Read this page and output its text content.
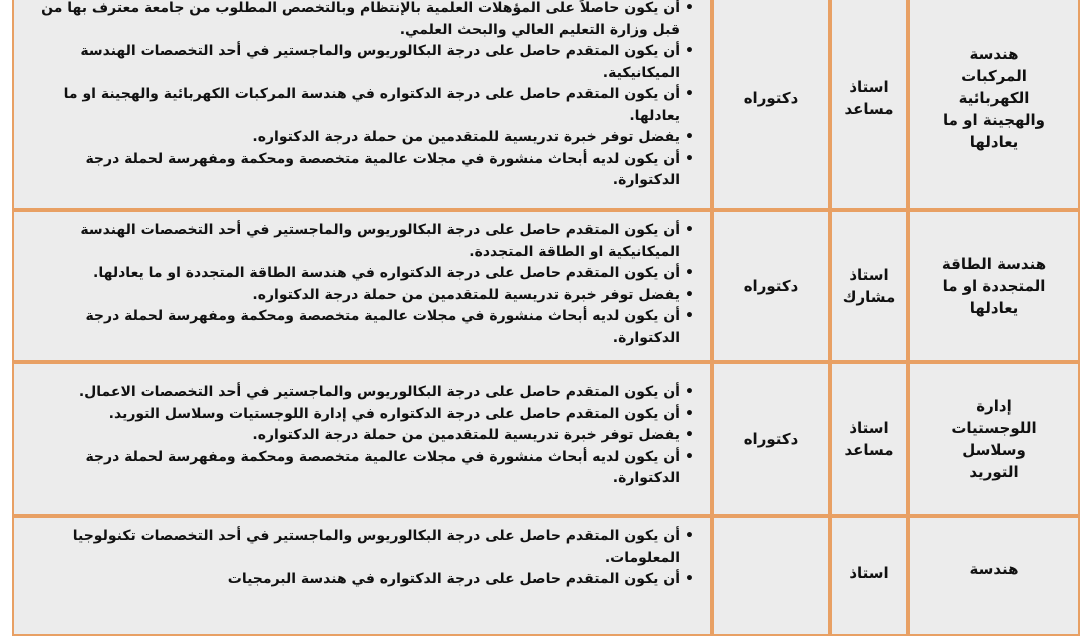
هندسة
المركبات
الكهربائية
والهجينة او ما
يعادلها
استاذ
مساعد
دكتوراه
• أن يكون حاصلاً على المؤهلات العلمية بالإنتظام وبالتخصص المطلوب من جامعة معترف بها من قبل وزارة التعليم العالي والبحث العلمي.
• أن يكون المتقدم حاصل على درجة البكالوريوس والماجستير في أحد التخصصات الهندسة الميكانيكية.
• أن يكون المتقدم حاصل على درجة الدكتواره في هندسة المركبات الكهربائية والهجينة او ما يعادلها.
• يفضل توفر خبرة تدريسية للمتقدمين من حملة درجة الدكتواره.
• أن يكون لديه أبحاث منشورة في مجلات عالمية متخصصة ومحكمة ومفهرسة لحملة درجة الدكتوارة.
هندسة الطاقة
المتجددة او ما
يعادلها
استاذ
مشارك
دكتوراه
• أن يكون المتقدم حاصل على درجة البكالوريوس والماجستير في أحد التخصصات الهندسة الميكانيكية او الطاقة المتجددة.
• أن يكون المتقدم حاصل على درجة الدكتواره في هندسة الطاقة المتجددة او ما يعادلها.
• يفضل توفر خبرة تدريسية للمتقدمين من حملة درجة الدكتواره.
• أن يكون لديه أبحاث منشورة في مجلات عالمية متخصصة ومحكمة ومفهرسة لحملة درجة الدكتوارة.
إدارة
اللوجستيات
وسلاسل
التوريد
استاذ
مساعد
دكتوراه
• أن يكون المتقدم حاصل على درجة البكالوريوس والماجستير في أحد التخصصات الاعمال.
• أن يكون المتقدم حاصل على درجة الدكتواره في إدارة اللوجستيات وسلاسل التوريد.
• يفضل توفر خبرة تدريسية للمتقدمين من حملة درجة الدكتواره.
• أن يكون لديه أبحاث منشورة في مجلات عالمية متخصصة ومحكمة ومفهرسة لحملة درجة الدكتوارة.
هندسة
استاذ
• أن يكون المتقدم حاصل على درجة البكالوريوس والماجستير في أحد التخصصات تكنولوجيا المعلومات.
• أن يكون المتقدم حاصل على درجة الدكتواره في هندسة البرمجيات
